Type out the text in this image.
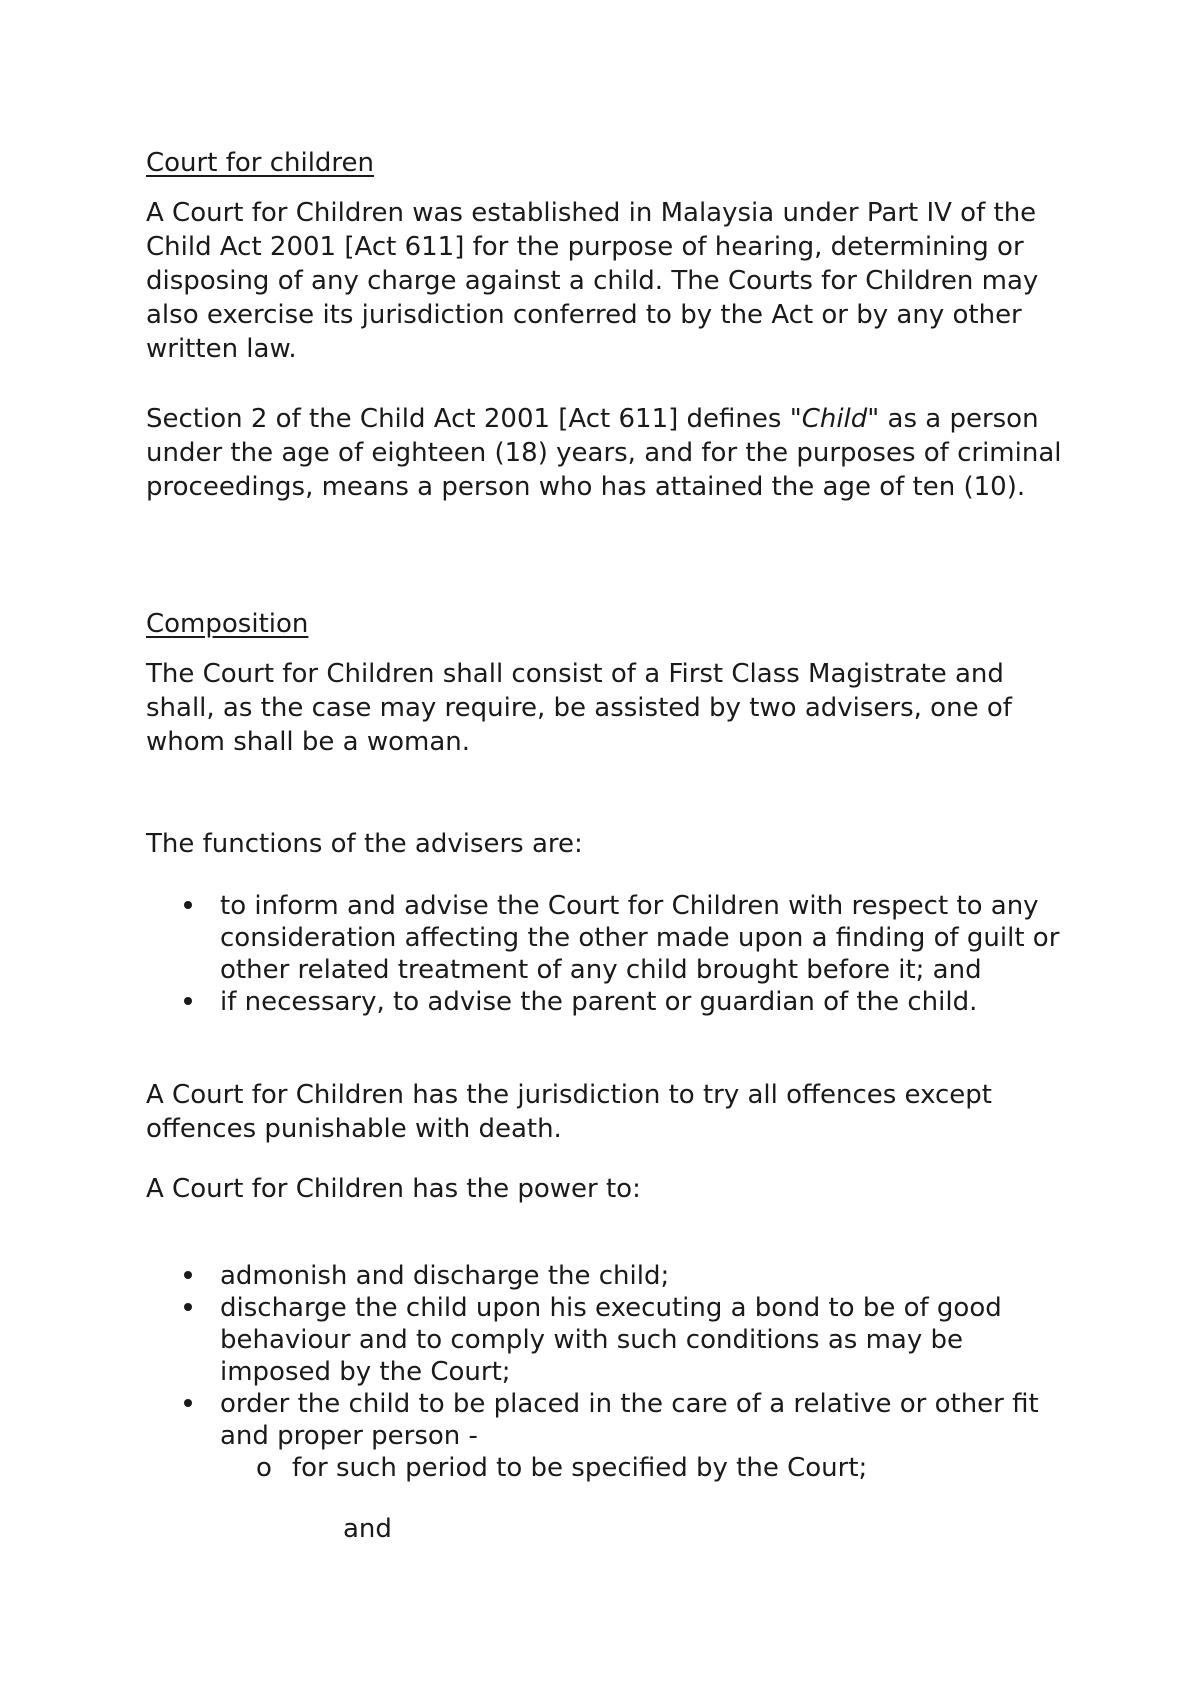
Court for children

A Court for Children was established in Malaysia under Part IV of the Child Act 2001 [Act 611] for the purpose of hearing, determining or disposing of any charge against a child. The Courts for Children may also exercise its jurisdiction conferred to by the Act or by any other written law.

Section 2 of the Child Act 2001 [Act 611] defines "Child" as a person under the age of eighteen (18) years, and for the purposes of criminal proceedings, means a person who has attained the age of ten (10).

Composition

The Court for Children shall consist of a First Class Magistrate and shall, as the case may require, be assisted by two advisers, one of whom shall be a woman.

The functions of the advisers are:

to inform and advise the Court for Children with respect to any consideration affecting the other made upon a finding of guilt or other related treatment of any child brought before it; and
if necessary, to advise the parent or guardian of the child.

A Court for Children has the jurisdiction to try all offences except offences punishable with death.

A Court for Children has the power to:

admonish and discharge the child;
discharge the child upon his executing a bond to be of good behaviour and to comply with such conditions as may be imposed by the Court;
order the child to be placed in the care of a relative or other fit and proper person -

o for such period to be specified by the Court;

and
